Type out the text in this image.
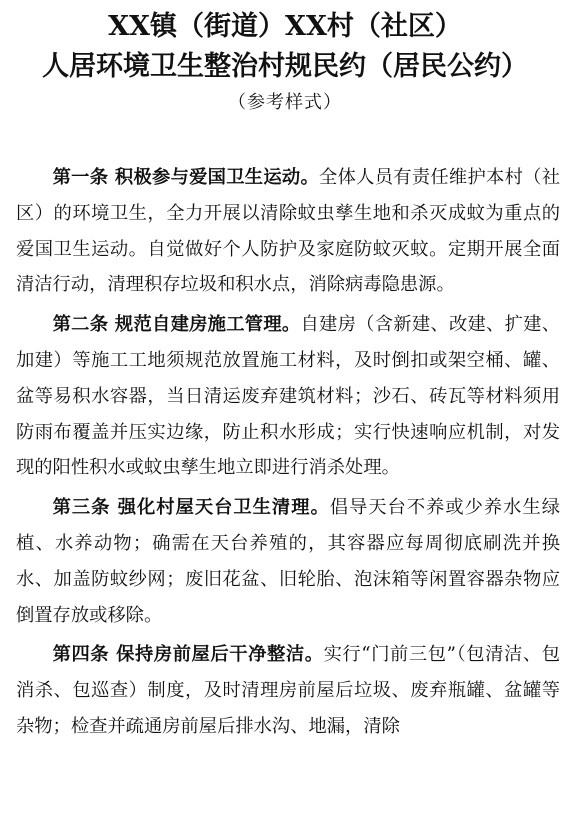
XX镇（街道）XX村（社区）
人居环境卫生整治村规民约（居民公约）
（参考样式）

第一条 积极参与爱国卫生运动。全体人员有责任维护本村（社区）的环境卫生，全力开展以清除蚊虫孳生地和杀灭成蚊为重点的爱国卫生运动。自觉做好个人防护及家庭防蚊灭蚊。定期开展全面清洁行动，清理积存垃圾和积水点，消除病毒隐患源。

第二条 规范自建房施工管理。自建房（含新建、改建、扩建、加建）等施工工地须规范放置施工材料，及时倒扣或架空桶、罐、盆等易积水容器，当日清运废弃建筑材料；沙石、砖瓦等材料须用防雨布覆盖并压实边缘，防止积水形成；实行快速响应机制，对发现的阳性积水或蚊虫孳生地立即进行消杀处理。

第三条 强化村屋天台卫生清理。倡导天台不养或少养水生绿植、水养动物；确需在天台养殖的，其容器应每周彻底刷洗并换水、加盖防蚊纱网；废旧花盆、旧轮胎、泡沫箱等闲置容器杂物应倒置存放或移除。

第四条 保持房前屋后干净整洁。实行“门前三包”（包清洁、包消杀、包巡查）制度，及时清理房前屋后垃圾、废弃瓶罐、盆罐等杂物；检查并疏通房前屋后排水沟、地漏，清除
